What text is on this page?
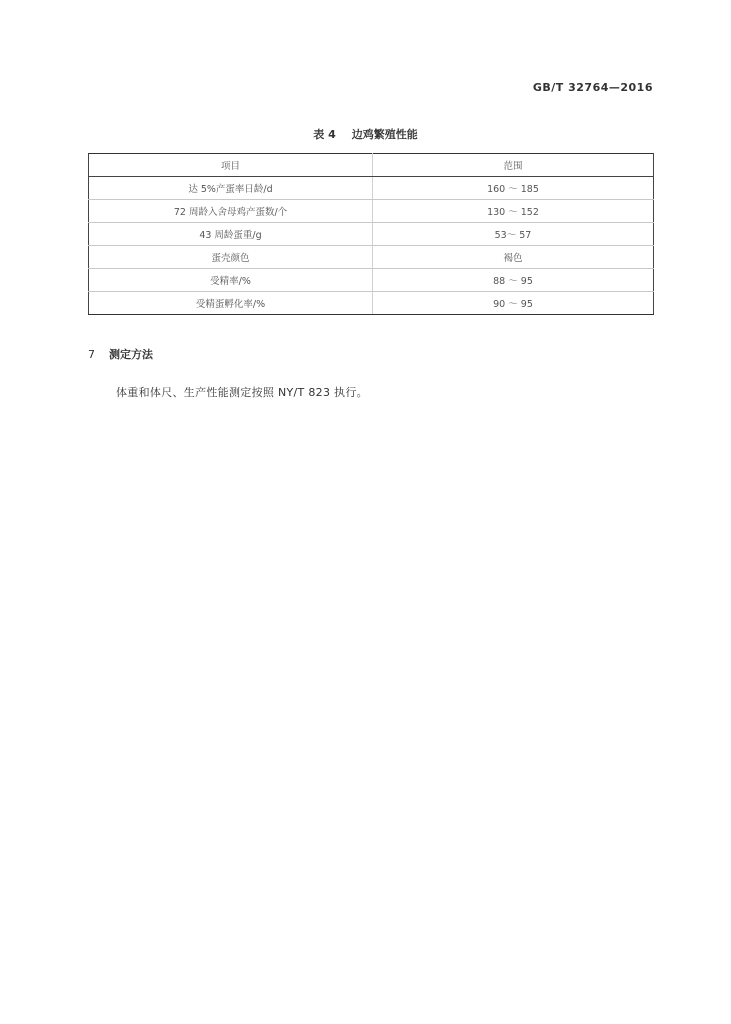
GB/T 32764—2016
表 4 边鸡繁殖性能
项目	范围
达 5%产蛋率日龄/d	160 ～ 185
72 周龄入舍母鸡产蛋数/个	130 ～ 152
43 周龄蛋重/g	53～ 57
蛋壳颜色	褐色
受精率/%	88 ～ 95
受精蛋孵化率/%	90 ～ 95
7 测定方法
体重和体尺、生产性能测定按照 NY/T 823 执行。
